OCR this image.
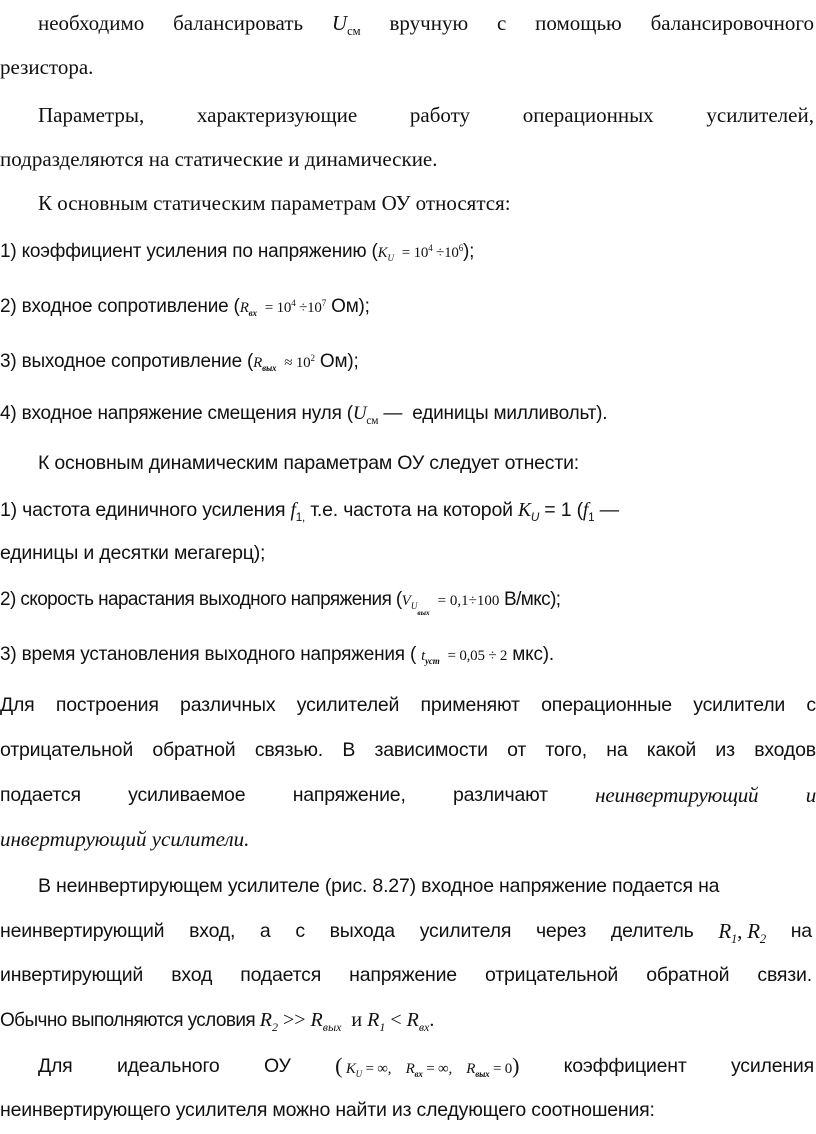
необходимо балансировать $U_{см}$ вручную с помощью балансировочного
резистора.
Параметры,	характеризующие	работу	операционных	усилителей,
подразделяются на статические и динамические.
К основным статическим параметрам ОУ относятся:
1) коэффициент усиления по напряжению $(K_U = 10^4 \div 10^6)$;
2) входное сопротивление ($R_{вх} = 10^4 \div 10^7$ Ом);
3) выходное сопротивление ($R_{вых} \approx 10^2$ Ом);
4) входное напряжение смещения нуля ($U_{см}$ —  единицы милливольт).
К основным динамическим параметрам ОУ следует отнести:
1) частота единичного усиления $f_{1,}$ т.е. частота на которой $K_U = 1$ ($f_1$ —
единицы и десятки мегагерц);
2) скорость нарастания выходного напряжения ($V_{Uвых}= 0,1\div 100$ В/мкс);
3) время установления выходного напряжения ( $t_{уст} = 0,05 \div 2$ мкс).
Для построения различных усилителей применяют операционные усилители с
отрицательной обратной связью. В зависимости от того, на какой из входов
подается усиливаемое напряжение, различают неинвертирующий и
инвертирующий усилители.
В неинвертирующем усилителе (рис. 8.27) входное напряжение подается на
неинвертирующий вход, а с выхода усилителя через делитель $R_1$, $R_2$ на
инвертирующий вход подается напряжение отрицательной обратной связи.
Обычно выполняются условия $R_2 >> R_{вых}$  и $R_1 < R_{вх}$.
Для идеального ОУ ( $K_U$ = ∞, $R_{вх}$ = ∞, $R_{вых} = 0$) коэффициент усиления
неинвертирующего усилителя можно найти из следующего соотношения:
